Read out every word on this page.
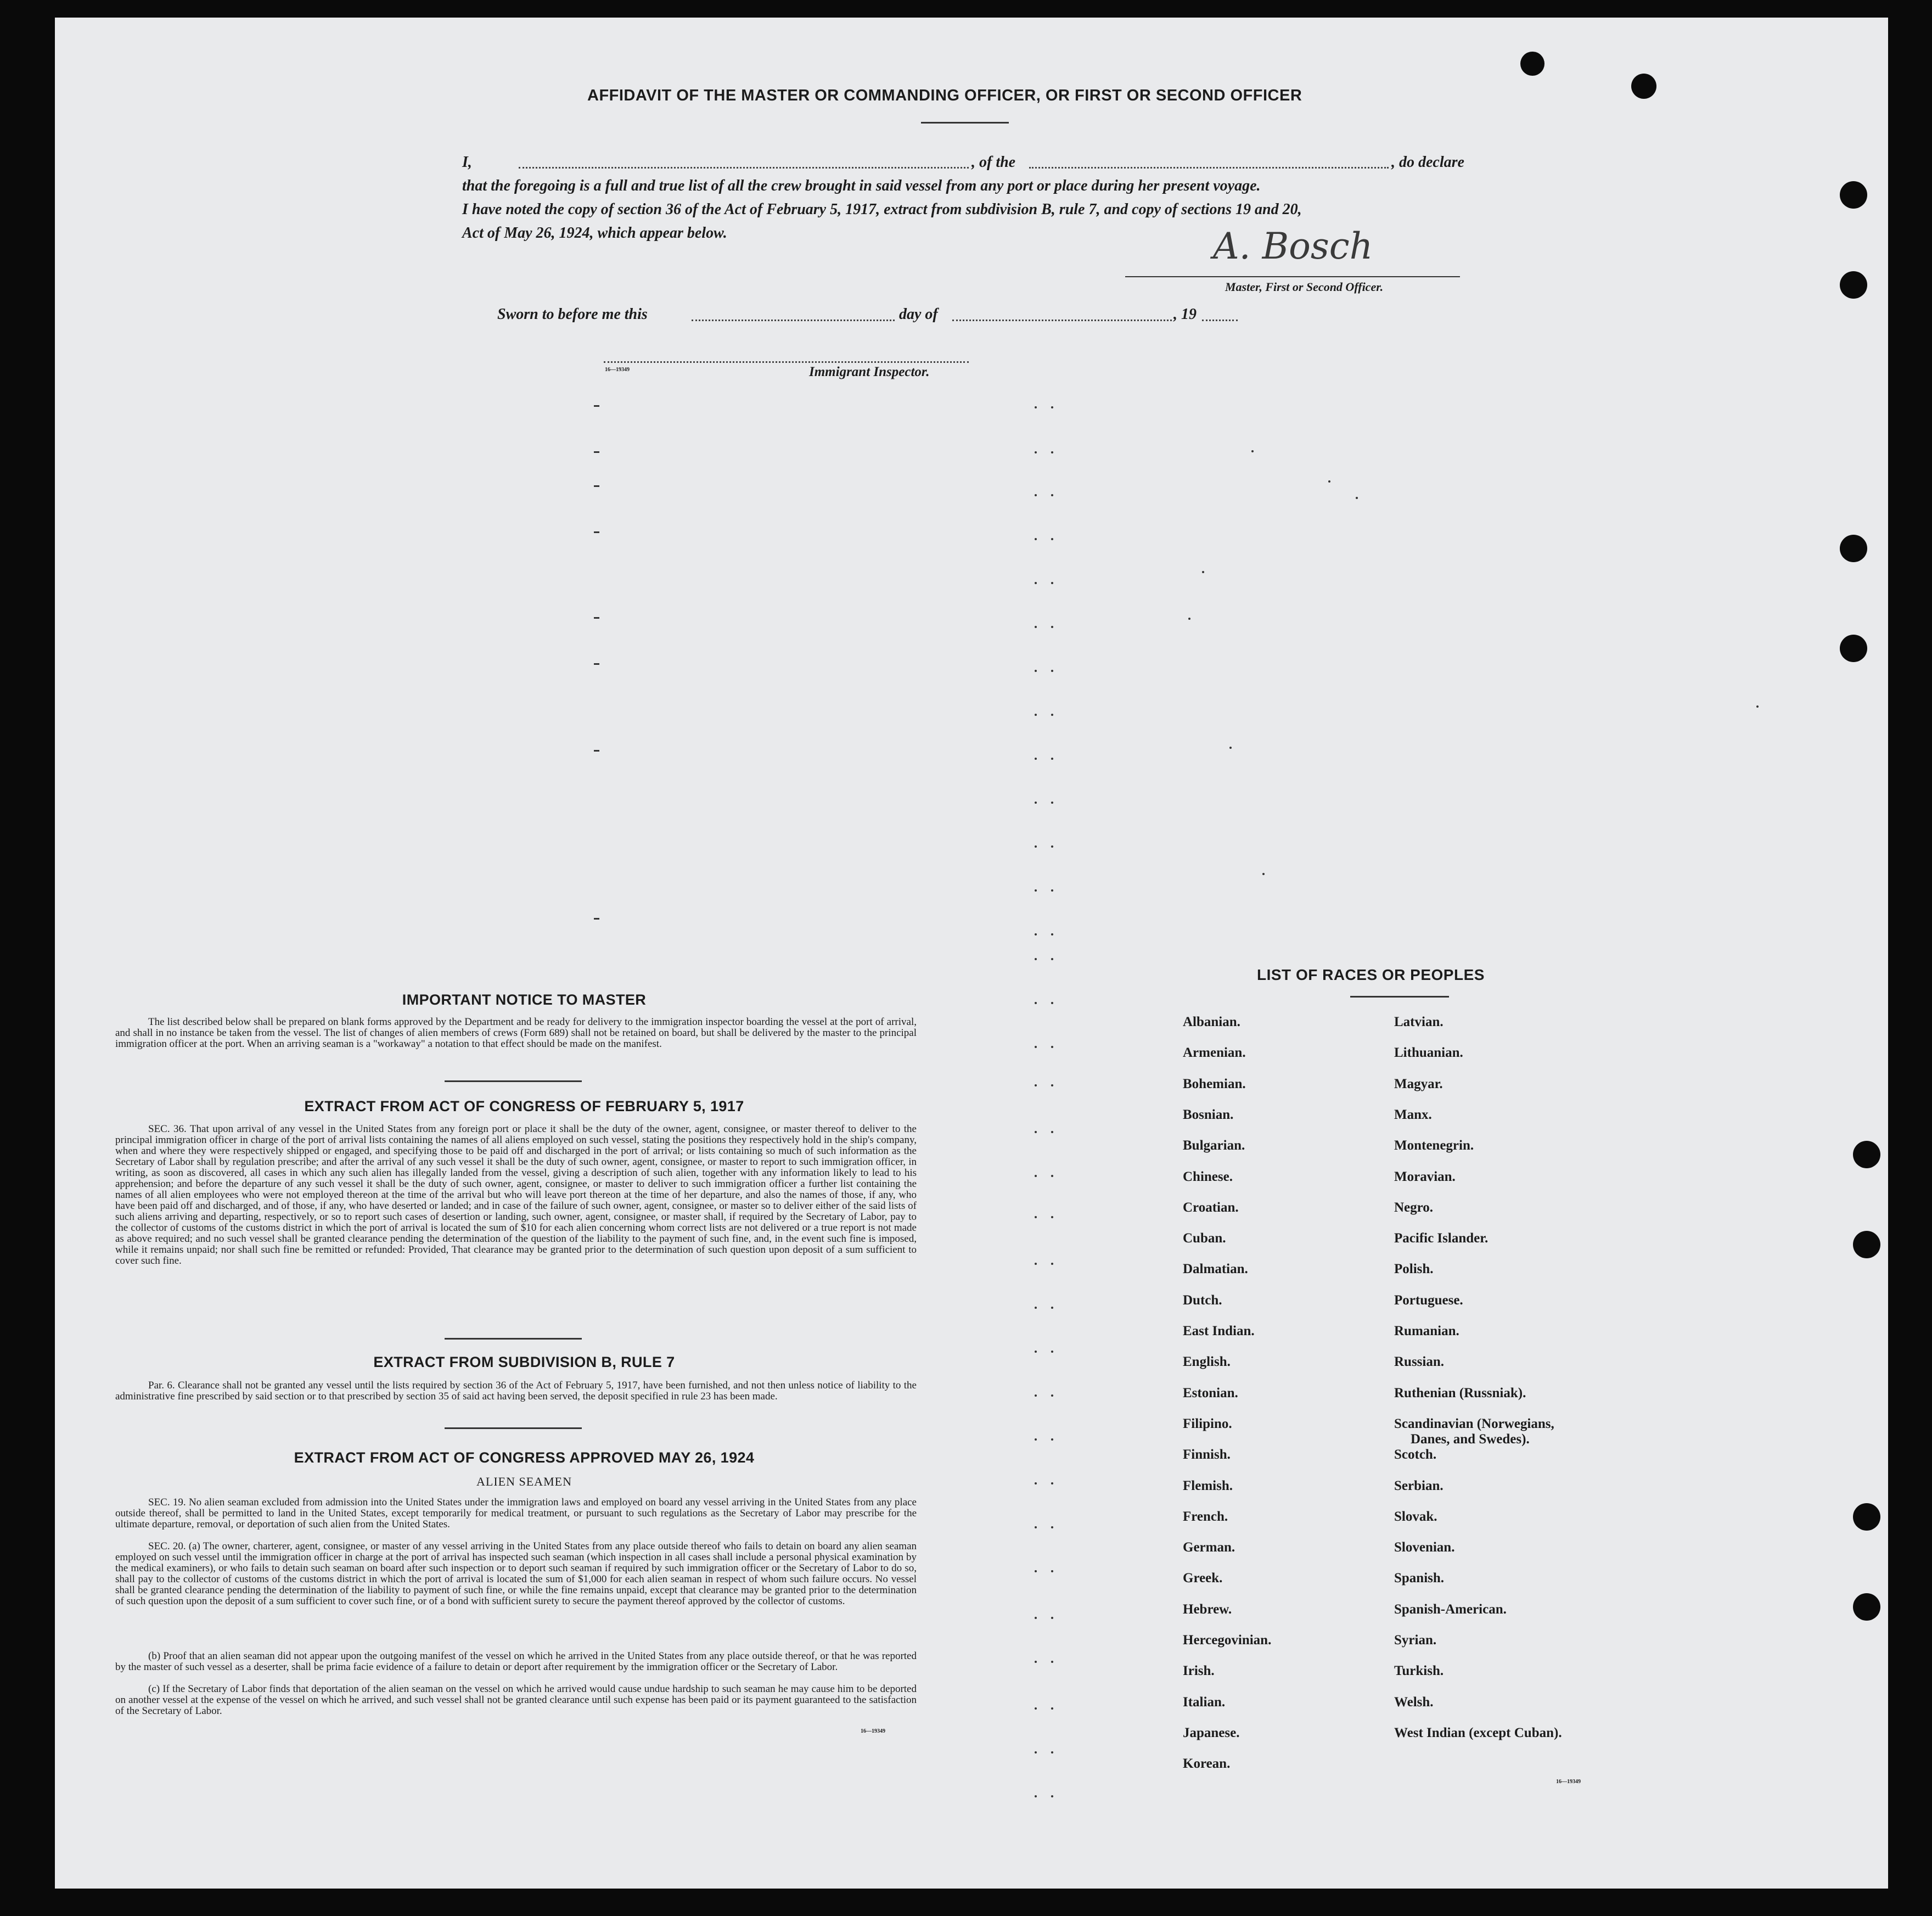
AFFIDAVIT OF THE MASTER OR COMMANDING OFFICER, OR FIRST OR SECOND OFFICER
I,	, of the	, do declare
that the foregoing is a full and true list of all the crew brought in said vessel from any port or place during her present voyage.
I have noted the copy of section 36 of the Act of February 5, 1917, extract from subdivision B, rule 7, and copy of sections 19 and 20,
Act of May 26, 1924, which appear below.	A. Bosch
Master, First or Second Officer.
Sworn to before me this	day of	, 19
16—19349	Immigrant Inspector.
IMPORTANT NOTICE TO MASTER
The list described below shall be prepared on blank forms approved by the Department and be ready for delivery to the immigration inspector boarding the vessel at the port of arrival, and shall in no instance be taken from the vessel. The list of changes of alien members of crews (Form 689) shall not be retained on board, but shall be delivered by the master to the principal immigration officer at the port. When an arriving seaman is a "workaway" a notation to that effect should be made on the manifest.
EXTRACT FROM ACT OF CONGRESS OF FEBRUARY 5, 1917
SEC. 36. That upon arrival of any vessel in the United States from any foreign port or place it shall be the duty of the owner, agent, consignee, or master thereof to deliver to the principal immigration officer in charge of the port of arrival lists containing the names of all aliens employed on such vessel, stating the positions they respectively hold in the ship's company, when and where they were respectively shipped or engaged, and specifying those to be paid off and discharged in the port of arrival; or lists containing so much of such information as the Secretary of Labor shall by regulation prescribe; and after the arrival of any such vessel it shall be the duty of such owner, agent, consignee, or master to report to such immigration officer, in writing, as soon as discovered, all cases in which any such alien has illegally landed from the vessel, giving a description of such alien, together with any information likely to lead to his apprehension; and before the departure of any such vessel it shall be the duty of such owner, agent, consignee, or master to deliver to such immigration officer a further list containing the names of all alien employees who were not employed thereon at the time of the arrival but who will leave port thereon at the time of her departure, and also the names of those, if any, who have been paid off and discharged, and of those, if any, who have deserted or landed; and in case of the failure of such owner, agent, consignee, or master so to deliver either of the said lists of such aliens arriving and departing, respectively, or so to report such cases of desertion or landing, such owner, agent, consignee, or master shall, if required by the Secretary of Labor, pay to the collector of customs of the customs district in which the port of arrival is located the sum of $10 for each alien concerning whom correct lists are not delivered or a true report is not made as above required; and no such vessel shall be granted clearance pending the determination of the question of the liability to the payment of such fine, and, in the event such fine is imposed, while it remains unpaid; nor shall such fine be remitted or refunded: Provided, That clearance may be granted prior to the determination of such question upon deposit of a sum sufficient to cover such fine.
EXTRACT FROM SUBDIVISION B, RULE 7
Par. 6. Clearance shall not be granted any vessel until the lists required by section 36 of the Act of February 5, 1917, have been furnished, and not then unless notice of liability to the administrative fine prescribed by said section or to that prescribed by section 35 of said act having been served, the deposit specified in rule 23 has been made.
EXTRACT FROM ACT OF CONGRESS APPROVED MAY 26, 1924
ALIEN SEAMEN
SEC. 19. No alien seaman excluded from admission into the United States under the immigration laws and employed on board any vessel arriving in the United States from any place outside thereof, shall be permitted to land in the United States, except temporarily for medical treatment, or pursuant to such regulations as the Secretary of Labor may prescribe for the ultimate departure, removal, or deportation of such alien from the United States.
SEC. 20. (a) The owner, charterer, agent, consignee, or master of any vessel arriving in the United States from any place outside thereof who fails to detain on board any alien seaman employed on such vessel until the immigration officer in charge at the port of arrival has inspected such seaman (which inspection in all cases shall include a personal physical examination by the medical examiners), or who fails to detain such seaman on board after such inspection or to deport such seaman if required by such immigration officer or the Secretary of Labor to do so, shall pay to the collector of customs of the customs district in which the port of arrival is located the sum of $1,000 for each alien seaman in respect of whom such failure occurs. No vessel shall be granted clearance pending the determination of the liability to payment of such fine, or while the fine remains unpaid, except that clearance may be granted prior to the determination of such question upon the deposit of a sum sufficient to cover such fine, or of a bond with sufficient surety to secure the payment thereof approved by the collector of customs.
(b) Proof that an alien seaman did not appear upon the outgoing manifest of the vessel on which he arrived in the United States from any place outside thereof, or that he was reported by the master of such vessel as a deserter, shall be prima facie evidence of a failure to detain or deport after requirement by the immigration officer or the Secretary of Labor.
(c) If the Secretary of Labor finds that deportation of the alien seaman on the vessel on which he arrived would cause undue hardship to such seaman he may cause him to be deported on another vessel at the expense of the vessel on which he arrived, and such vessel shall not be granted clearance until such expense has been paid or its payment guaranteed to the satisfaction of the Secretary of Labor.
16—19349
LIST OF RACES OR PEOPLES
Albanian.
Armenian.
Bohemian.
Bosnian.
Bulgarian.
Chinese.
Croatian.
Cuban.
Dalmatian.
Dutch.
East Indian.
English.
Estonian.
Filipino.
Finnish.
Flemish.
French.
German.
Greek.
Hebrew.
Hercegovinian.
Irish.
Italian.
Japanese.
Korean.
Latvian.
Lithuanian.
Magyar.
Manx.
Montenegrin.
Moravian.
Negro.
Pacific Islander.
Polish.
Portuguese.
Rumanian.
Russian.
Ruthenian (Russniak).
Scandinavian (Norwegians,
Danes, and Swedes).
Scotch.
Serbian.
Slovak.
Slovenian.
Spanish.
Spanish-American.
Syrian.
Turkish.
Welsh.
West Indian (except Cuban).
16—19349
